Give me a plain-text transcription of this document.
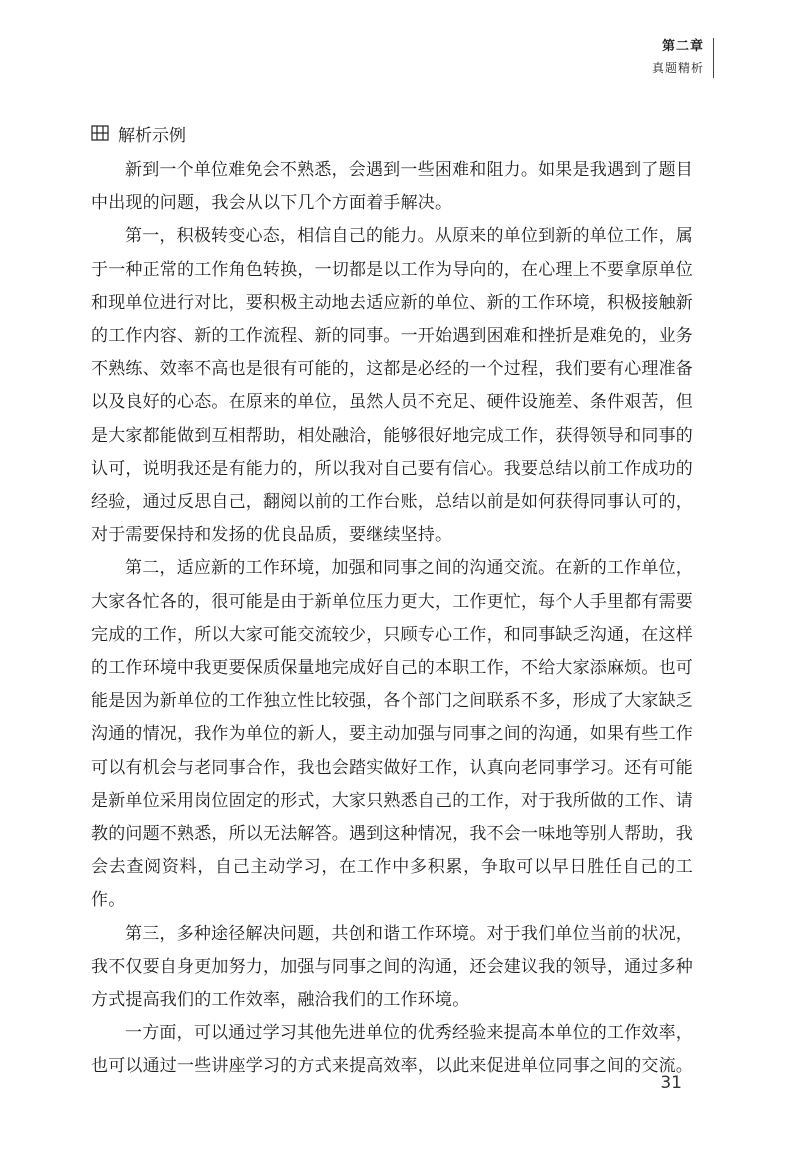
第二章
真题精析
解析示例

新到一个单位难免会不熟悉，会遇到一些困难和阻力。如果是我遇到了题目中出现的问题，我会从以下几个方面着手解决。

第一，积极转变心态，相信自己的能力。从原来的单位到新的单位工作，属于一种正常的工作角色转换，一切都是以工作为导向的，在心理上不要拿原单位和现单位进行对比，要积极主动地去适应新的单位、新的工作环境，积极接触新的工作内容、新的工作流程、新的同事。一开始遇到困难和挫折是难免的，业务不熟练、效率不高也是很有可能的，这都是必经的一个过程，我们要有心理准备以及良好的心态。在原来的单位，虽然人员不充足、硬件设施差、条件艰苦，但是大家都能做到互相帮助，相处融洽，能够很好地完成工作，获得领导和同事的认可，说明我还是有能力的，所以我对自己要有信心。我要总结以前工作成功的经验，通过反思自己，翻阅以前的工作台账，总结以前是如何获得同事认可的，对于需要保持和发扬的优良品质，要继续坚持。

第二，适应新的工作环境，加强和同事之间的沟通交流。在新的工作单位，大家各忙各的，很可能是由于新单位压力更大，工作更忙，每个人手里都有需要完成的工作，所以大家可能交流较少，只顾专心工作，和同事缺乏沟通，在这样的工作环境中我更要保质保量地完成好自己的本职工作，不给大家添麻烦。也可能是因为新单位的工作独立性比较强，各个部门之间联系不多，形成了大家缺乏沟通的情况，我作为单位的新人，要主动加强与同事之间的沟通，如果有些工作可以有机会与老同事合作，我也会踏实做好工作，认真向老同事学习。还有可能是新单位采用岗位固定的形式，大家只熟悉自己的工作，对于我所做的工作、请教的问题不熟悉，所以无法解答。遇到这种情况，我不会一味地等别人帮助，我会去查阅资料，自己主动学习，在工作中多积累，争取可以早日胜任自己的工作。

第三，多种途径解决问题，共创和谐工作环境。对于我们单位当前的状况，我不仅要自身更加努力，加强与同事之间的沟通，还会建议我的领导，通过多种方式提高我们的工作效率，融洽我们的工作环境。

一方面，可以通过学习其他先进单位的优秀经验来提高本单位的工作效率，也可以通过一些讲座学习的方式来提高效率，以此来促进单位同事之间的交流。

31
